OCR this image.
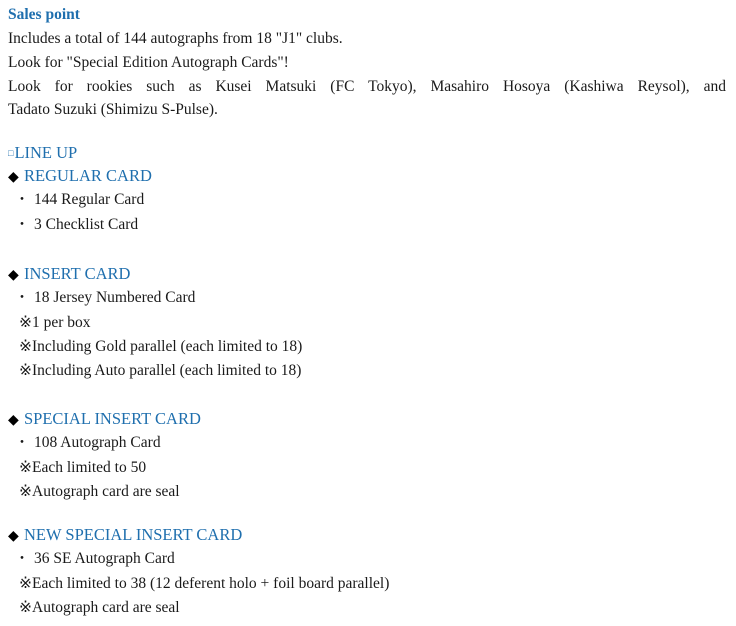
Sales point
Includes a total of 144 autographs from 18 "J1" clubs.
Look for "Special Edition Autograph Cards"!
Look for rookies such as Kusei Matsuki (FC Tokyo), Masahiro Hosoya (Kashiwa Reysol), and
Tadato Suzuki (Shimizu S-Pulse).
□LINE UP
◆ REGULAR CARD
・ 144 Regular Card
・ 3 Checklist Card
◆ INSERT CARD
・ 18 Jersey Numbered Card
※1 per box
※Including Gold parallel (each limited to 18)
※Including Auto parallel (each limited to 18)
◆ SPECIAL INSERT CARD
・ 108 Autograph Card
※Each limited to 50
※Autograph card are seal
◆ NEW SPECIAL INSERT CARD
・ 36 SE Autograph Card
※Each limited to 38 (12 deferent holo + foil board parallel)
※Autograph card are seal
